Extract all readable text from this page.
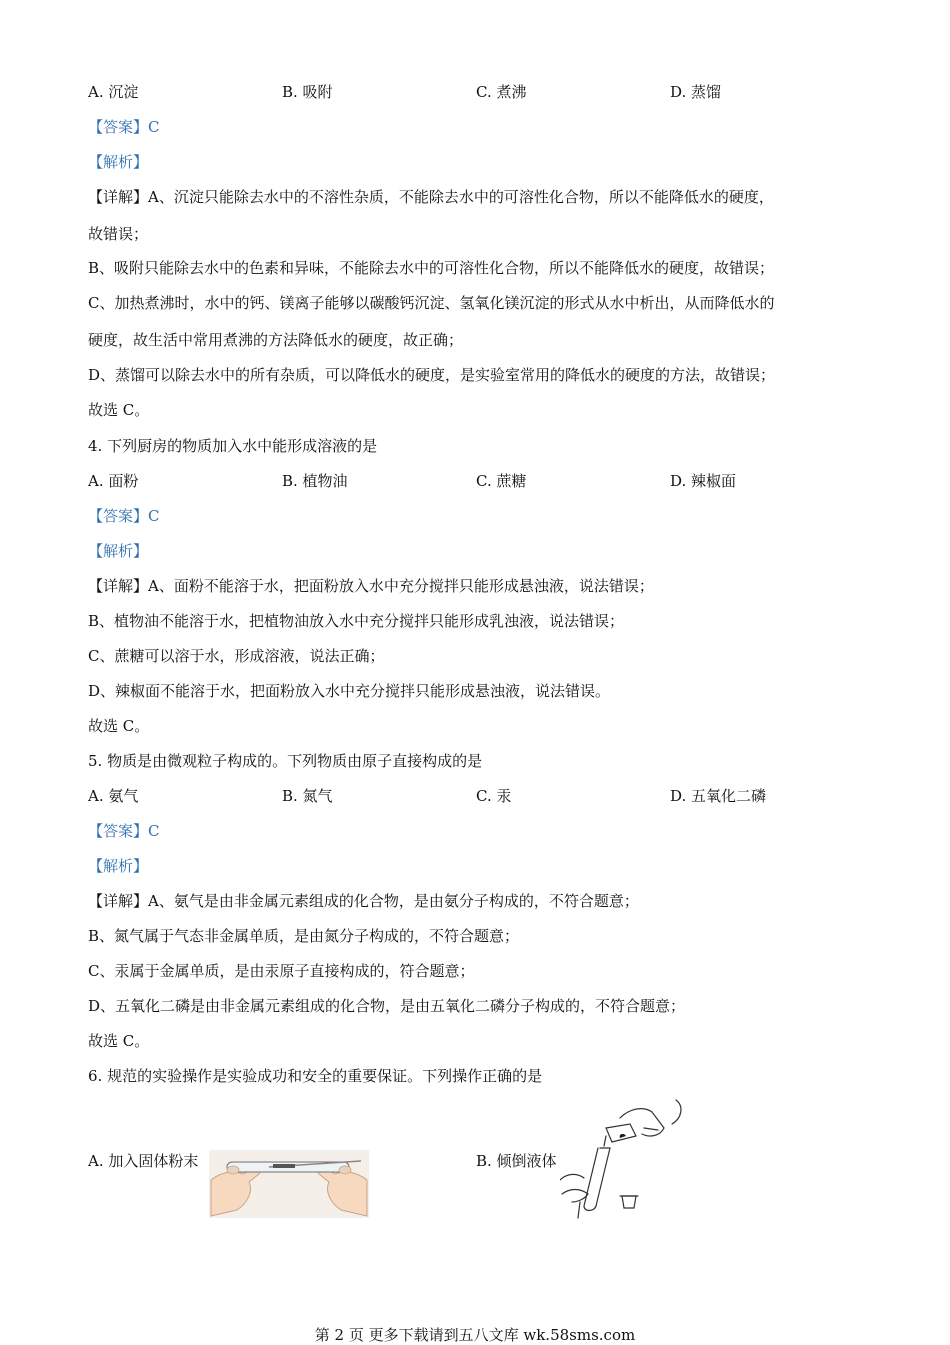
A. 沉淀	B. 吸附	C. 煮沸	D. 蒸馏
【答案】C
【解析】
【详解】A、沉淀只能除去水中的不溶性杂质，不能除去水中的可溶性化合物，所以不能降低水的硬度，
故错误；
B、吸附只能除去水中的色素和异味，不能除去水中的可溶性化合物，所以不能降低水的硬度，故错误；
C、加热煮沸时，水中的钙、镁离子能够以碳酸钙沉淀、氢氧化镁沉淀的形式从水中析出，从而降低水的
硬度，故生活中常用煮沸的方法降低水的硬度，故正确；
D、蒸馏可以除去水中的所有杂质，可以降低水的硬度，是实验室常用的降低水的硬度的方法，故错误；
故选 C。
4. 下列厨房的物质加入水中能形成溶液的是
A. 面粉	B. 植物油	C. 蔗糖	D. 辣椒面
【答案】C
【解析】
【详解】A、面粉不能溶于水，把面粉放入水中充分搅拌只能形成悬浊液，说法错误；
B、植物油不能溶于水，把植物油放入水中充分搅拌只能形成乳浊液，说法错误；
C、蔗糖可以溶于水，形成溶液，说法正确；
D、辣椒面不能溶于水，把面粉放入水中充分搅拌只能形成悬浊液，说法错误。
故选 C。
5. 物质是由微观粒子构成的。下列物质由原子直接构成的是
A. 氨气	B. 氮气	C. 汞	D. 五氧化二磷
【答案】C
【解析】
【详解】A、氨气是由非金属元素组成的化合物，是由氨分子构成的，不符合题意；
B、氮气属于气态非金属单质，是由氮分子构成的，不符合题意；
C、汞属于金属单质，是由汞原子直接构成的，符合题意；
D、五氧化二磷是由非金属元素组成的化合物，是由五氧化二磷分子构成的，不符合题意；
故选 C。
6. 规范的实验操作是实验成功和安全的重要保证。下列操作正确的是
A. 加入固体粉末	B. 倾倒液体
第 2 页 更多下载请到五八文库 wk.58sms.com
